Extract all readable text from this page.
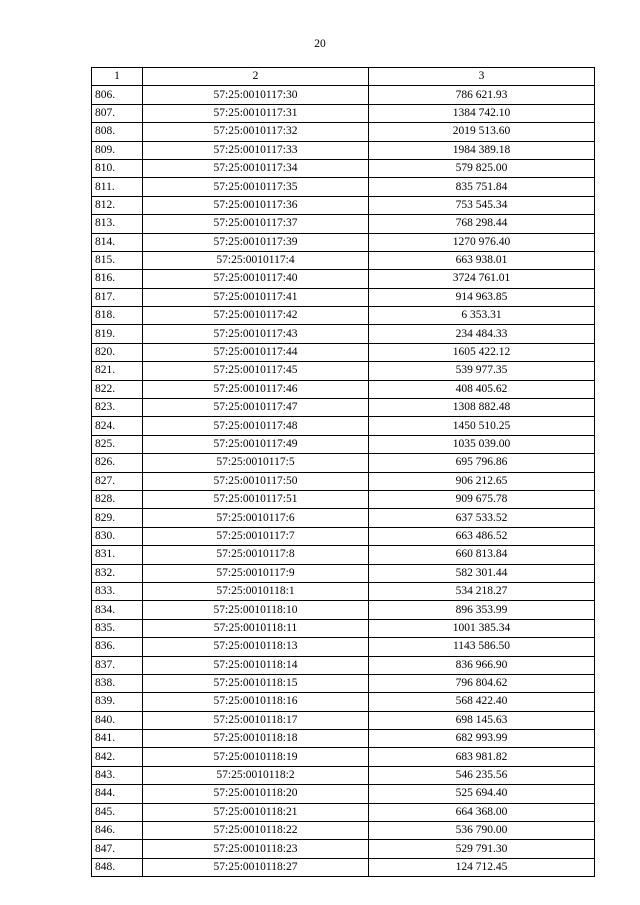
20
1	2	3
806.	57:25:0010117:30	786 621.93
807.	57:25:0010117:31	1384 742.10
808.	57:25:0010117:32	2019 513.60
809.	57:25:0010117:33	1984 389.18
810.	57:25:0010117:34	579 825.00
811.	57:25:0010117:35	835 751.84
812.	57:25:0010117:36	753 545.34
813.	57:25:0010117:37	768 298.44
814.	57:25:0010117:39	1270 976.40
815.	57:25:0010117:4	663 938.01
816.	57:25:0010117:40	3724 761.01
817.	57:25:0010117:41	914 963.85
818.	57:25:0010117:42	6 353.31
819.	57:25:0010117:43	234 484.33
820.	57:25:0010117:44	1605 422.12
821.	57:25:0010117:45	539 977.35
822.	57:25:0010117:46	408 405.62
823.	57:25:0010117:47	1308 882.48
824.	57:25:0010117:48	1450 510.25
825.	57:25:0010117:49	1035 039.00
826.	57:25:0010117:5	695 796.86
827.	57:25:0010117:50	906 212.65
828.	57:25:0010117:51	909 675.78
829.	57:25:0010117:6	637 533.52
830.	57:25:0010117:7	663 486.52
831.	57:25:0010117:8	660 813.84
832.	57:25:0010117:9	582 301.44
833.	57:25:0010118:1	534 218.27
834.	57:25:0010118:10	896 353.99
835.	57:25:0010118:11	1001 385.34
836.	57:25:0010118:13	1143 586.50
837.	57:25:0010118:14	836 966.90
838.	57:25:0010118:15	796 804.62
839.	57:25:0010118:16	568 422.40
840.	57:25:0010118:17	698 145.63
841.	57:25:0010118:18	682 993.99
842.	57:25:0010118:19	683 981.82
843.	57:25:0010118:2	546 235.56
844.	57:25:0010118:20	525 694.40
845.	57:25:0010118:21	664 368.00
846.	57:25:0010118:22	536 790.00
847.	57:25:0010118:23	529 791.30
848.	57:25:0010118:27	124 712.45
